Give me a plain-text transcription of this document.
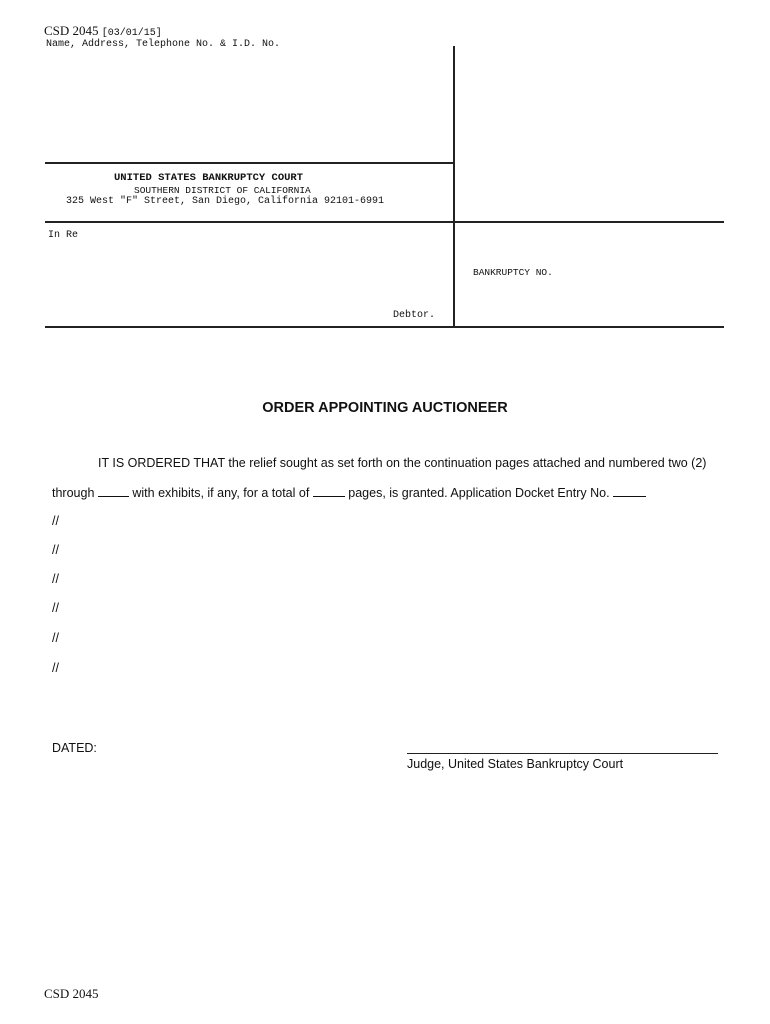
CSD 2045 [03/01/15]
Name, Address, Telephone No. & I.D. No.
UNITED STATES BANKRUPTCY COURT
SOUTHERN DISTRICT OF CALIFORNIA
325 West "F" Street, San Diego, California 92101-6991
In Re
BANKRUPTCY NO.
Debtor.
ORDER APPOINTING AUCTIONEER
IT IS ORDERED THAT the relief sought as set forth on the continuation pages attached and numbered two (2)
through	with exhibits, if any, for a total of	pages, is granted. Application Docket Entry No.
//
//
//
//
//
//
DATED:
Judge, United States Bankruptcy Court
CSD 2045
